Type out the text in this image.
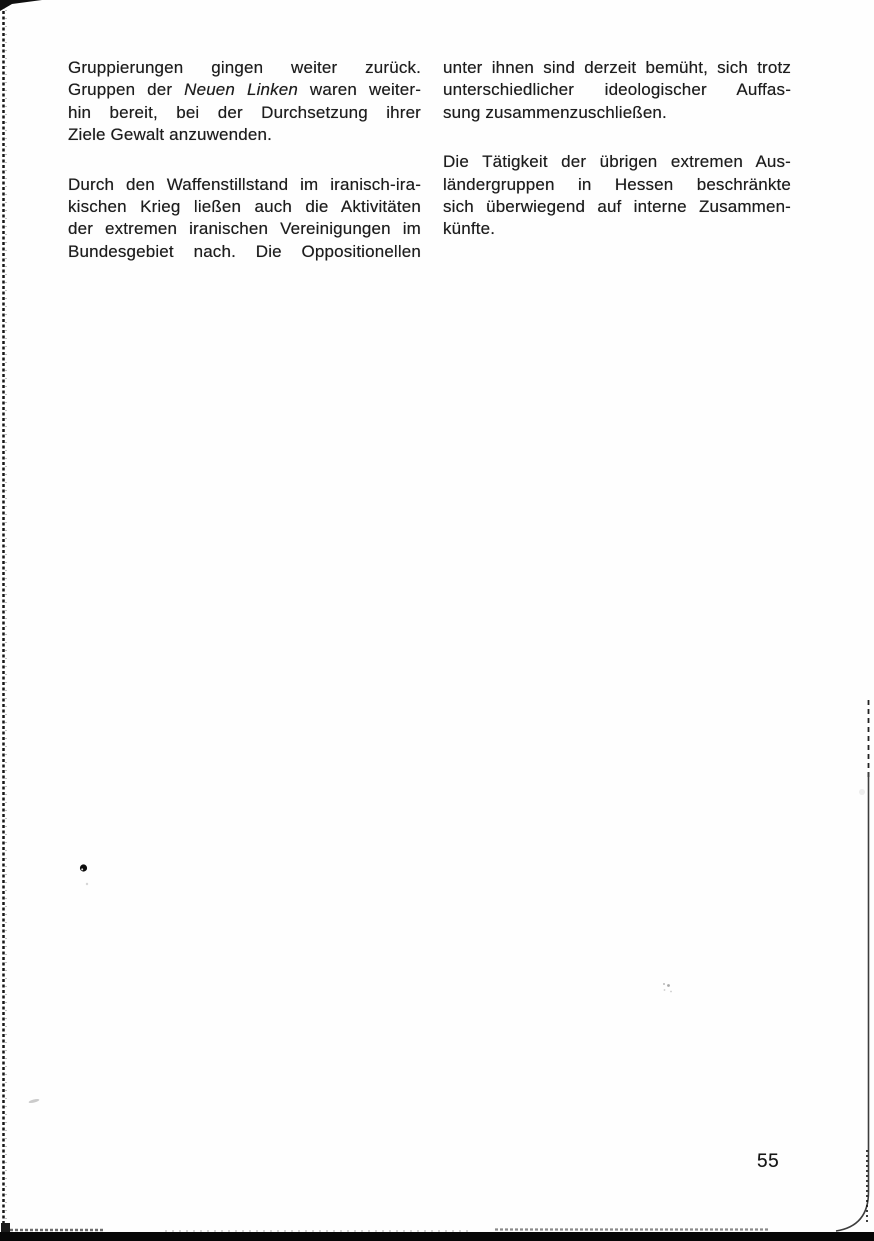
Gruppierungen gingen weiter zurück.
Gruppen der Neuen Linken waren weiter-
hin bereit, bei der Durchsetzung ihrer
Ziele Gewalt anzuwenden.
Durch den Waffenstillstand im iranisch-ira-
kischen Krieg ließen auch die Aktivitäten
der extremen iranischen Vereinigungen im
Bundesgebiet nach. Die Oppositionellen
unter ihnen sind derzeit bemüht, sich trotz
unterschiedlicher ideologischer Auffas-
sung zusammenzuschließen.
Die Tätigkeit der übrigen extremen Aus-
ländergruppen in Hessen beschränkte
sich überwiegend auf interne Zusammen-
künfte.
55
